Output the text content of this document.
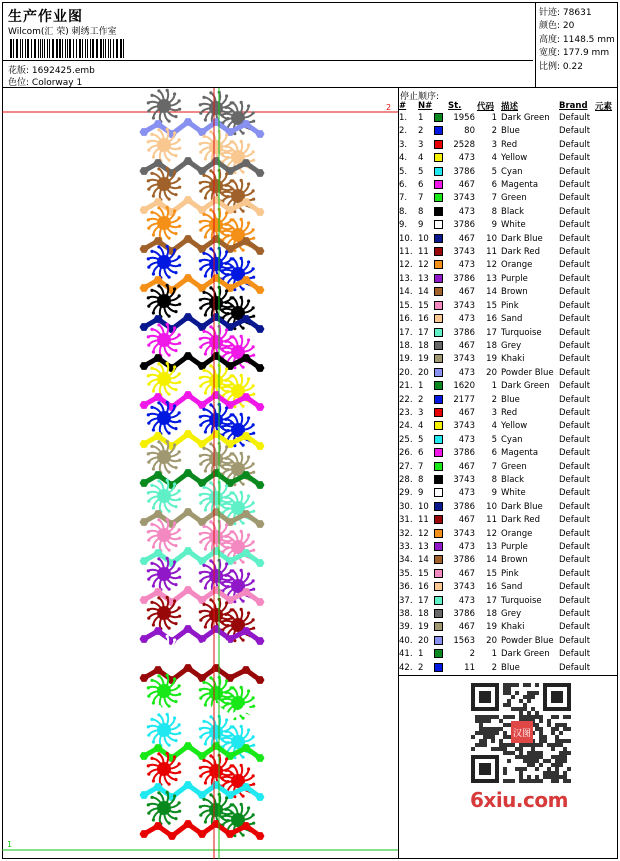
生产作业图
Wilcom(汇 荣) 刺绣工作室
花版: 1692425.emb
色位: Colorway 1
针迹: 78631
颜色: 20
高度: 1148.5 mm
宽度: 177.9 mm
比例: 0.22
2
1
停止顺序:
#	N#		St.	代码	描述	Brand	元素
1.	1		1956	1	Dark Green	Default	
2.	2		80	2	Blue	Default	
3.	3		2528	3	Red	Default	
4.	4		473	4	Yellow	Default	
5.	5		3786	5	Cyan	Default	
6.	6		467	6	Magenta	Default	
7.	7		3743	7	Green	Default	
8.	8		473	8	Black	Default	
9.	9		3786	9	White	Default	
10.	10		467	10	Dark Blue	Default	
11.	11		3743	11	Dark Red	Default	
12.	12		473	12	Orange	Default	
13.	13		3786	13	Purple	Default	
14.	14		467	14	Brown	Default	
15.	15		3743	15	Pink	Default	
16.	16		473	16	Sand	Default	
17.	17		3786	17	Turquoise	Default	
18.	18		467	18	Grey	Default	
19.	19		3743	19	Khaki	Default	
20.	20		473	20	Powder Blue	Default	
21.	1		1620	1	Dark Green	Default	
22.	2		2177	2	Blue	Default	
23.	3		467	3	Red	Default	
24.	4		3743	4	Yellow	Default	
25.	5		473	5	Cyan	Default	
26.	6		3786	6	Magenta	Default	
27.	7		467	7	Green	Default	
28.	8		3743	8	Black	Default	
29.	9		473	9	White	Default	
30.	10		3786	10	Dark Blue	Default	
31.	11		467	11	Dark Red	Default	
32.	12		3743	12	Orange	Default	
33.	13		473	13	Purple	Default	
34.	14		3786	14	Brown	Default	
35.	15		467	15	Pink	Default	
36.	16		3743	16	Sand	Default	
37.	17		473	17	Turquoise	Default	
38.	18		3786	18	Grey	Default	
39.	19		467	19	Khaki	Default	
40.	20		1563	20	Powder Blue	Default	
41.	1		2	1	Dark Green	Default	
42.	2		11	2	Blue	Default	
汉图
6xiu.com
